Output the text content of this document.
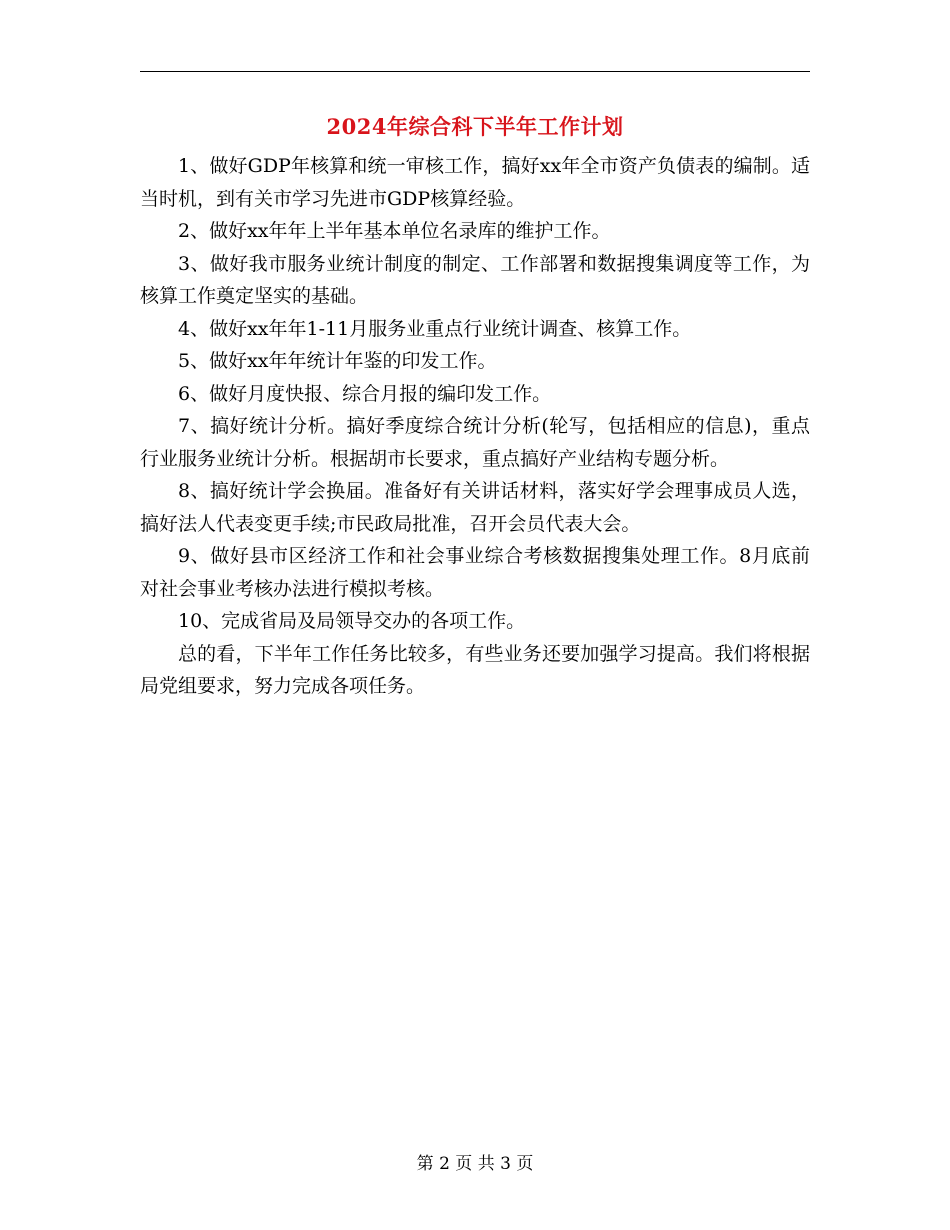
2024年综合科下半年工作计划

1、做好GDP年核算和统一审核工作，搞好xx年全市资产负债表的编制。适当时机，到有关市学习先进市GDP核算经验。

2、做好xx年年上半年基本单位名录库的维护工作。

3、做好我市服务业统计制度的制定、工作部署和数据搜集调度等工作，为核算工作奠定坚实的基础。

4、做好xx年年1-11月服务业重点行业统计调查、核算工作。

5、做好xx年年统计年鉴的印发工作。

6、做好月度快报、综合月报的编印发工作。

7、搞好统计分析。搞好季度综合统计分析(轮写，包括相应的信息)，重点行业服务业统计分析。根据胡市长要求，重点搞好产业结构专题分析。

8、搞好统计学会换届。准备好有关讲话材料，落实好学会理事成员人选，搞好法人代表变更手续;市民政局批准，召开会员代表大会。

9、做好县市区经济工作和社会事业综合考核数据搜集处理工作。8月底前对社会事业考核办法进行模拟考核。

10、完成省局及局领导交办的各项工作。

总的看，下半年工作任务比较多，有些业务还要加强学习提高。我们将根据局党组要求，努力完成各项任务。

第 2 页 共 3 页
